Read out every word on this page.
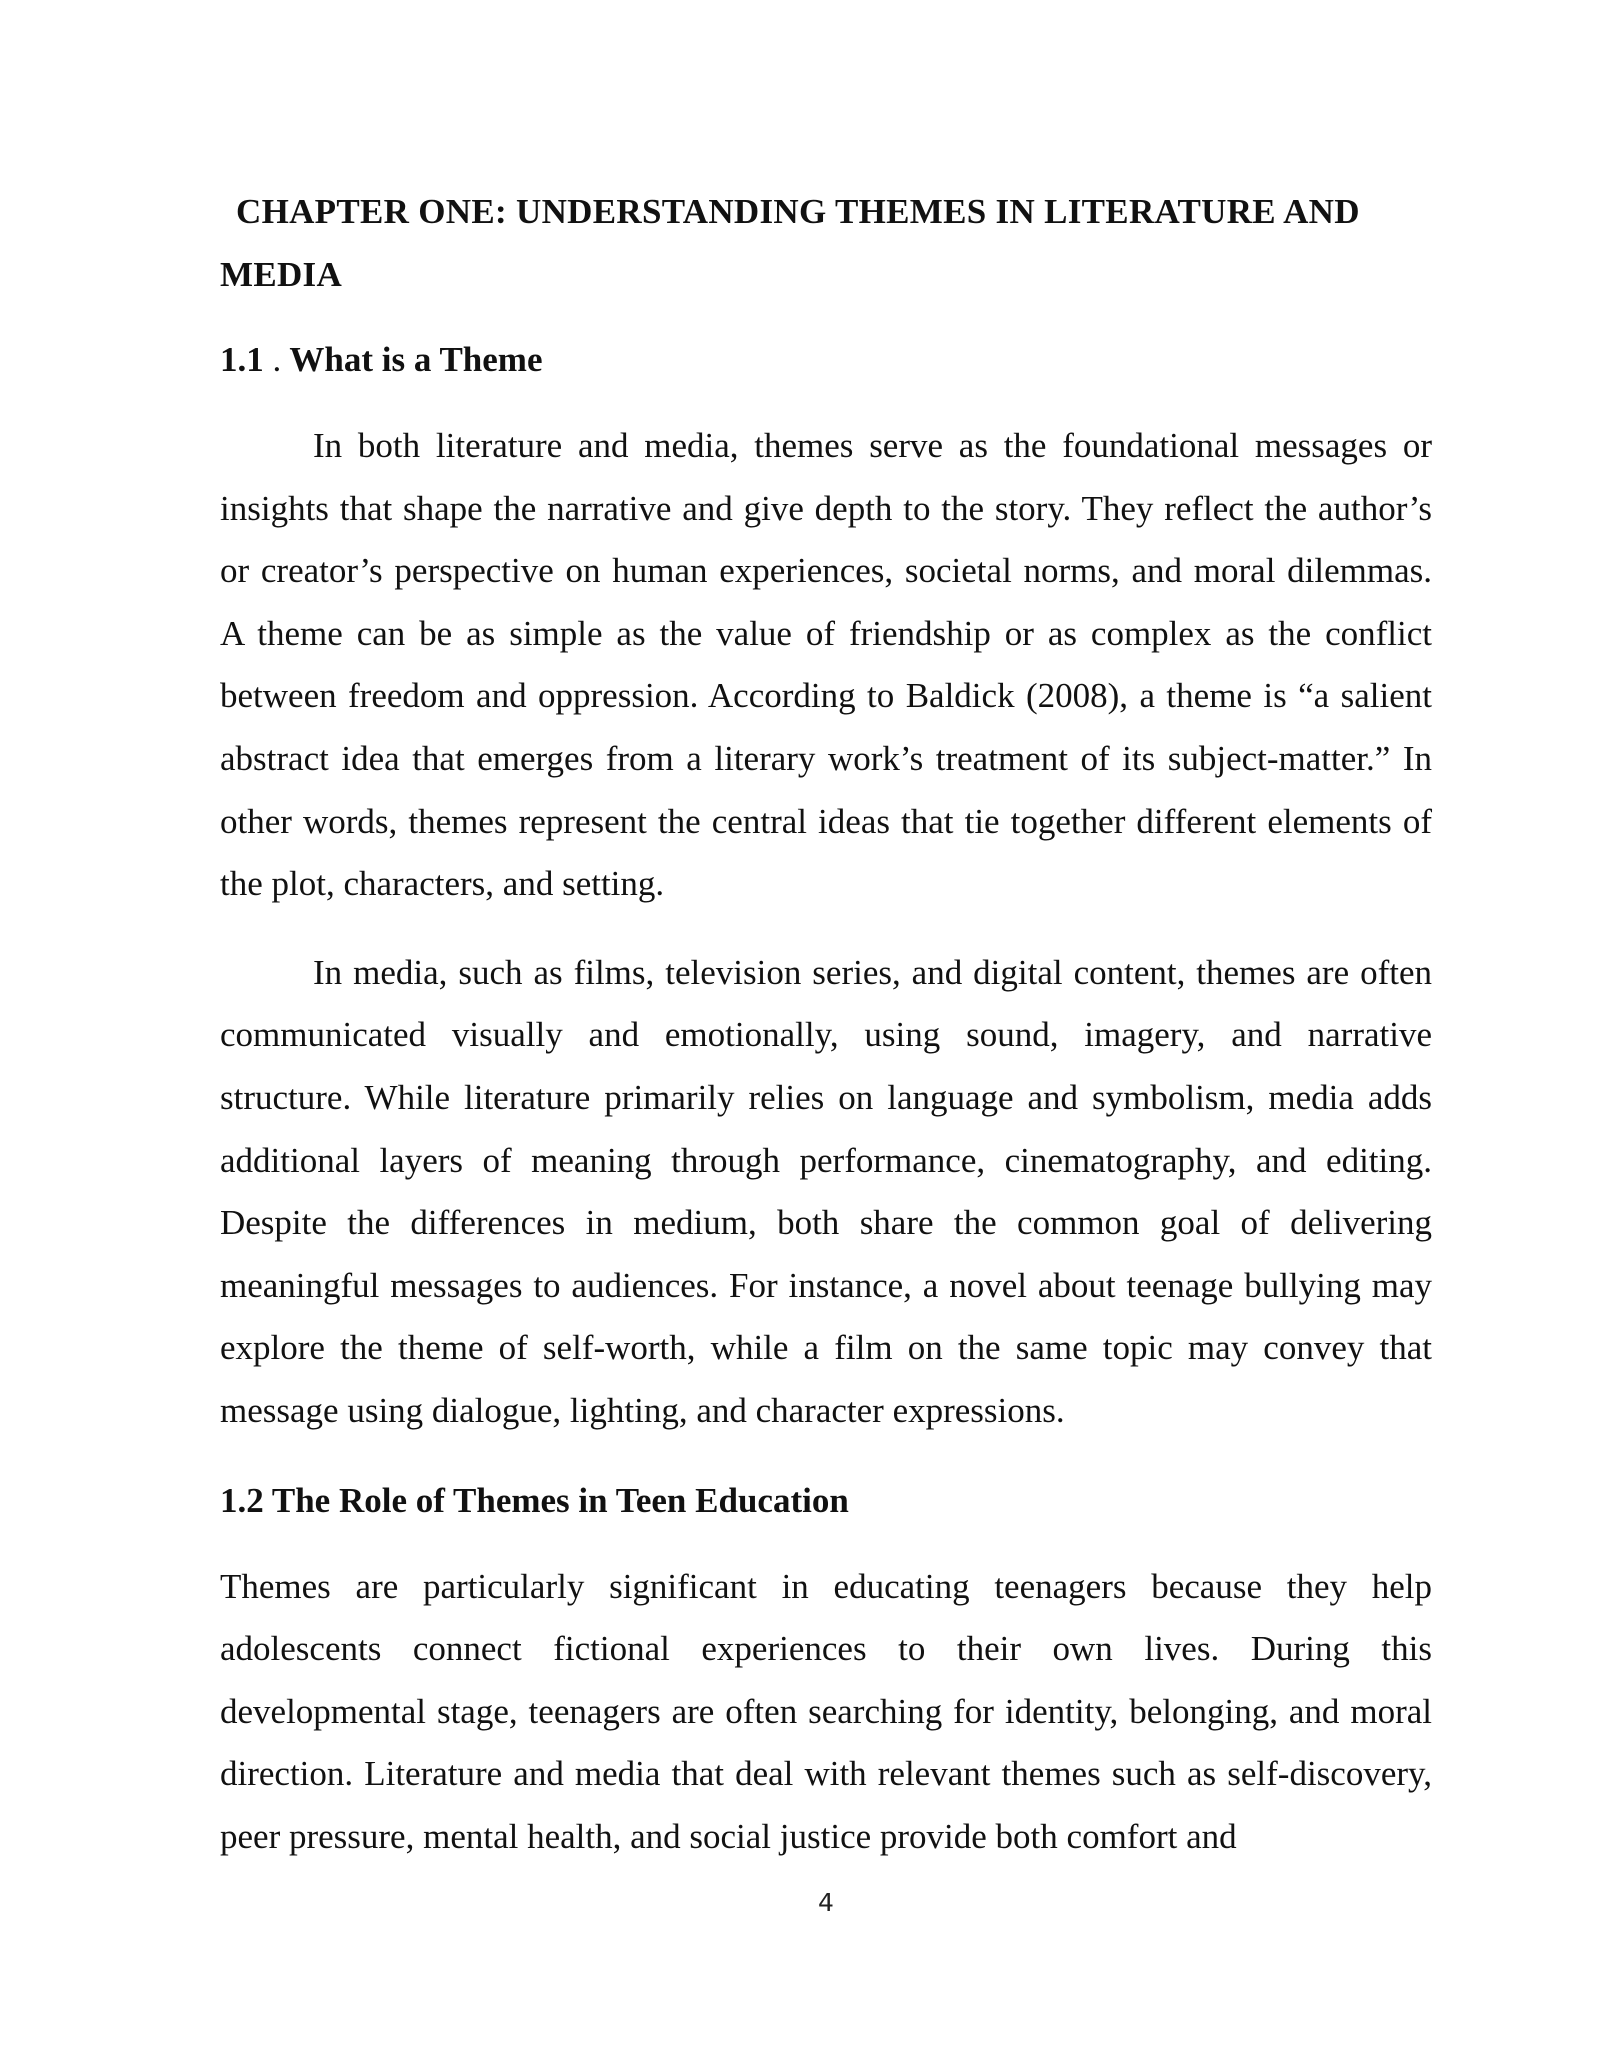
CHAPTER ONE: UNDERSTANDING THEMES IN LITERATURE AND
MEDIA
1.1 . What is a Theme

In both literature and media, themes serve as the foundational messages or insights that shape the narrative and give depth to the story. They reflect the author’s or creator’s perspective on human experiences, societal norms, and moral dilemmas. A theme can be as simple as the value of friendship or as complex as the conflict between freedom and oppression. According to Baldick (2008), a theme is “a salient abstract idea that emerges from a literary work’s treatment of its subject-matter.” In other words, themes represent the central ideas that tie together different elements of the plot, characters, and setting.

In media, such as films, television series, and digital content, themes are often communicated visually and emotionally, using sound, imagery, and narrative structure. While literature primarily relies on language and symbolism, media adds additional layers of meaning through performance, cinematography, and editing. Despite the differences in medium, both share the common goal of delivering meaningful messages to audiences. For instance, a novel about teenage bullying may explore the theme of self-worth, while a film on the same topic may convey that message using dialogue, lighting, and character expressions.

1.2 The Role of Themes in Teen Education

Themes are particularly significant in educating teenagers because they help adolescents connect fictional experiences to their own lives. During this developmental stage, teenagers are often searching for identity, belonging, and moral direction. Literature and media that deal with relevant themes such as self-discovery, peer pressure, mental health, and social justice provide both comfort and

4
